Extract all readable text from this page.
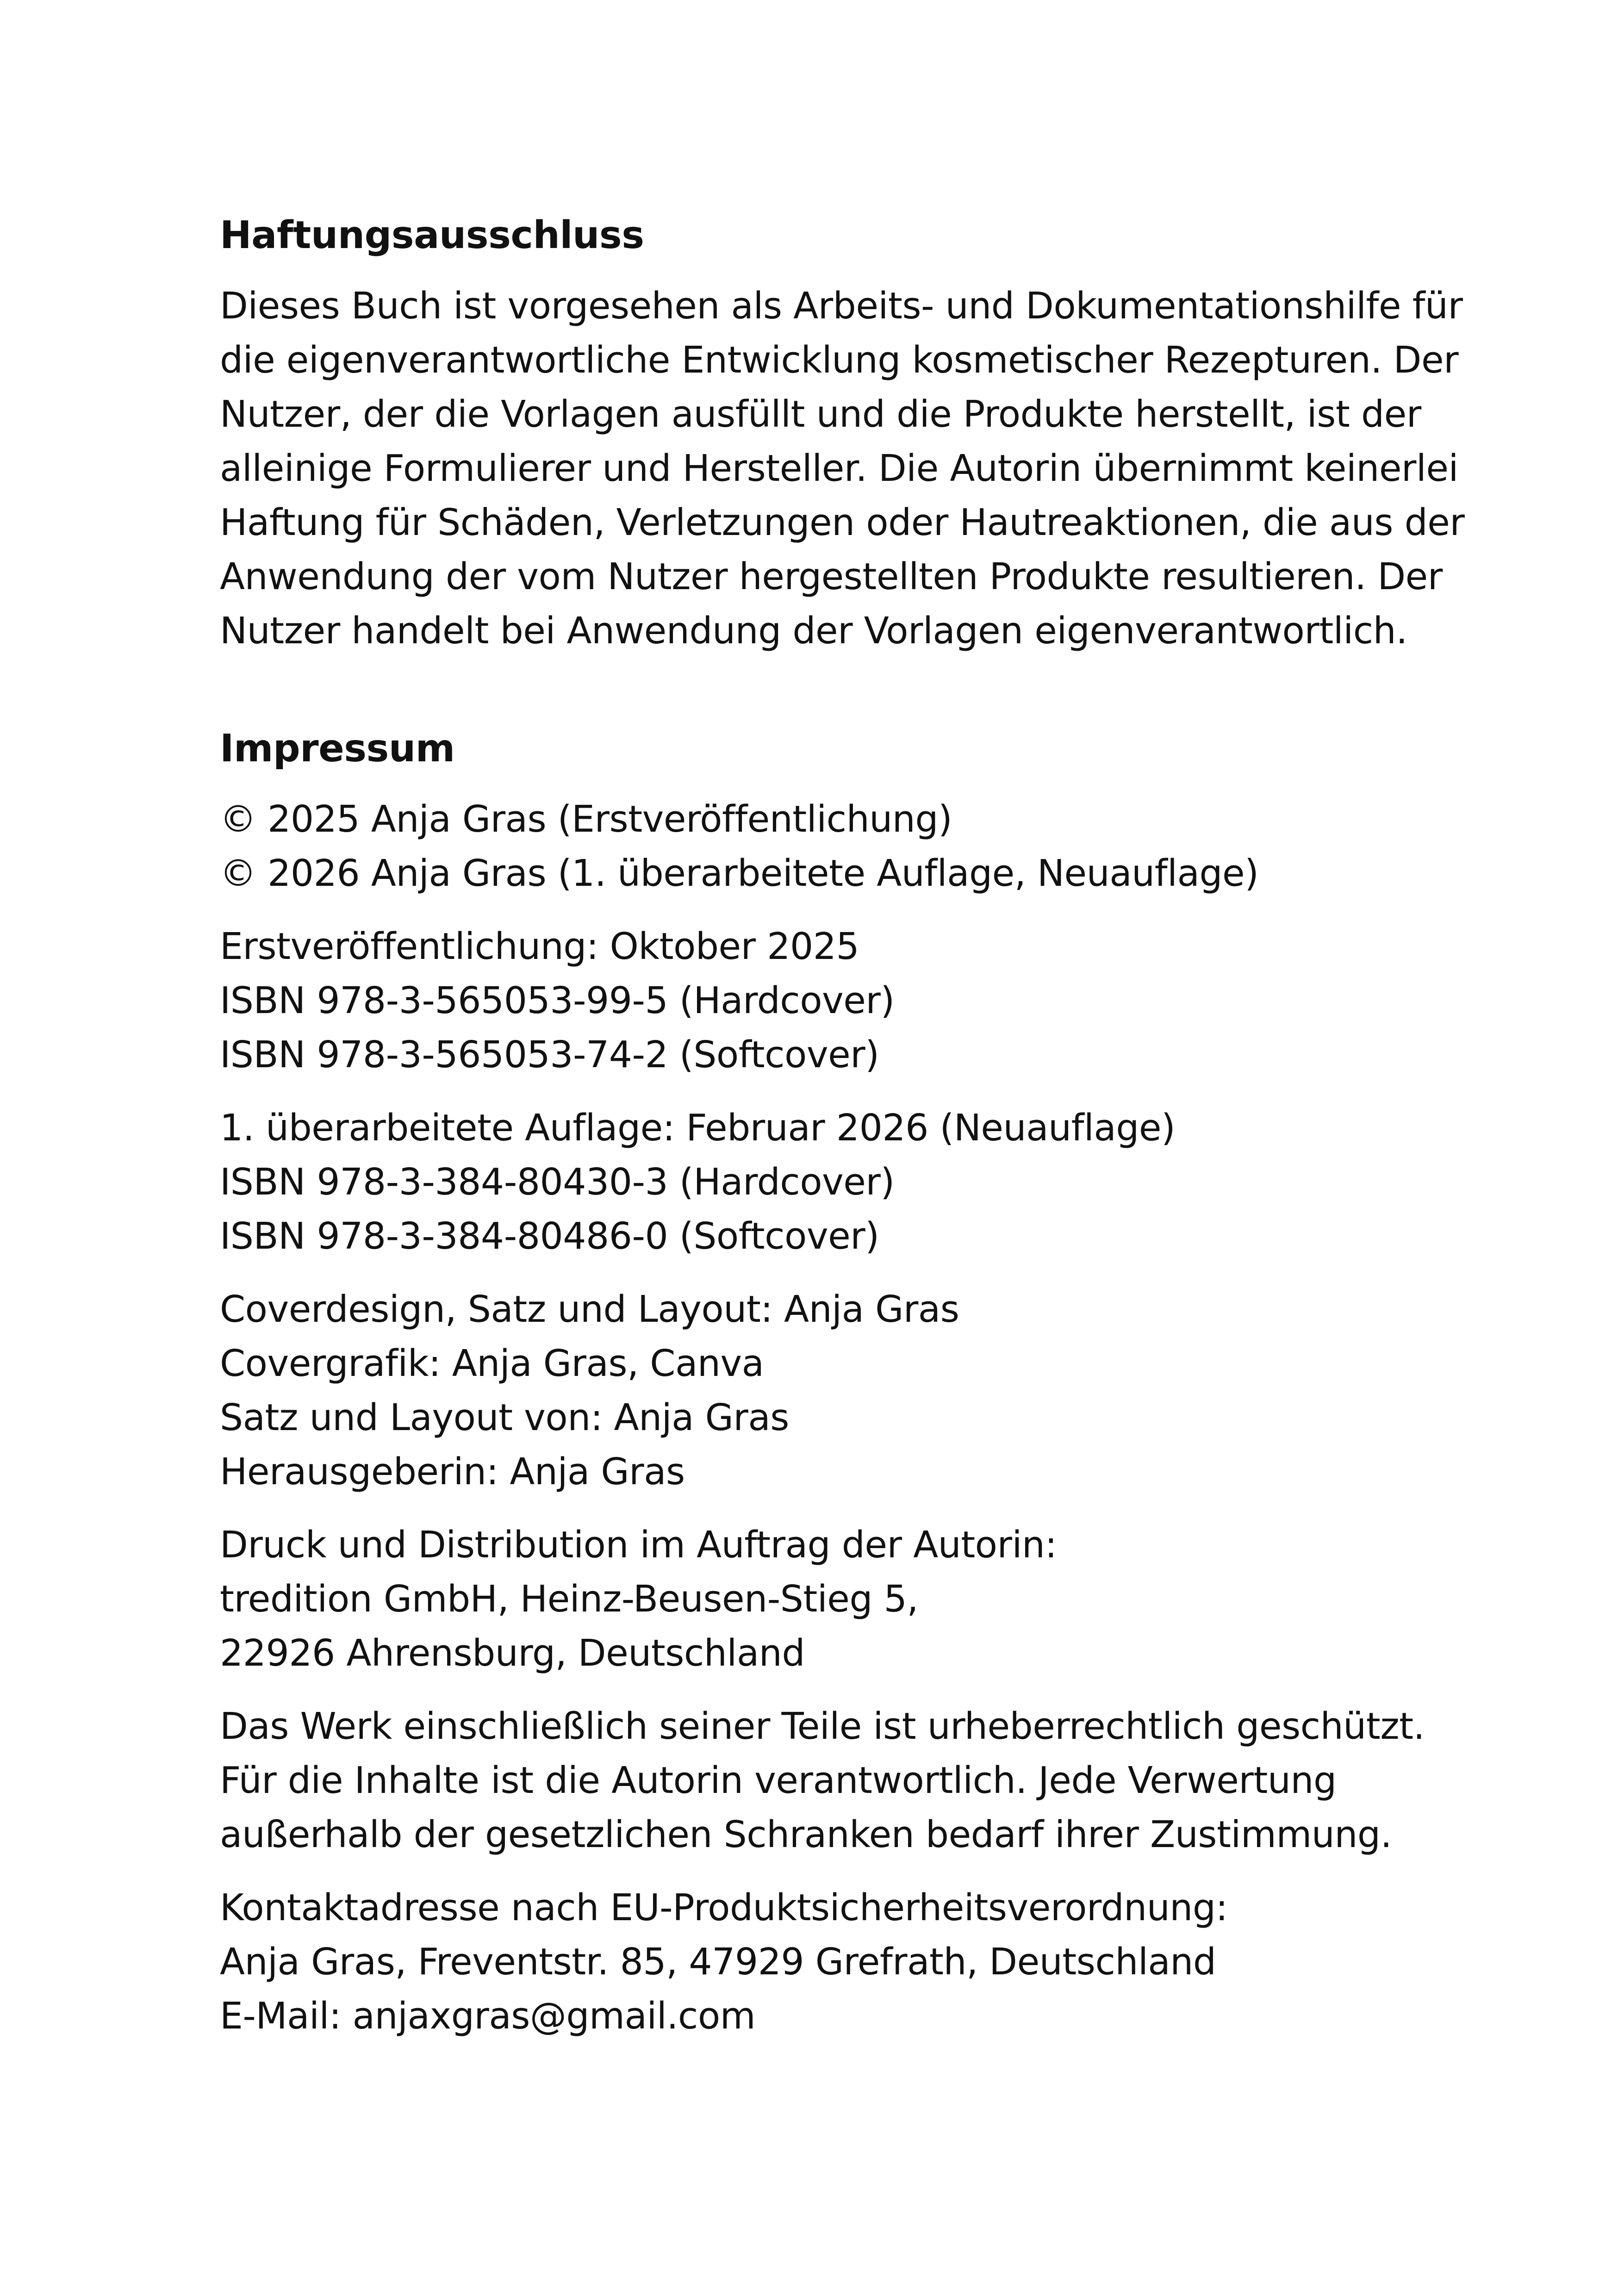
Haftungsausschluss

Dieses Buch ist vorgesehen als Arbeits- und Dokumentationshilfe für
die eigenverantwortliche Entwicklung kosmetischer Rezepturen. Der
Nutzer, der die Vorlagen ausfüllt und die Produkte herstellt, ist der
alleinige Formulierer und Hersteller. Die Autorin übernimmt keinerlei
Haftung für Schäden, Verletzungen oder Hautreaktionen, die aus der
Anwendung der vom Nutzer hergestellten Produkte resultieren. Der
Nutzer handelt bei Anwendung der Vorlagen eigenverantwortlich.

Impressum

© 2025 Anja Gras (Erstveröffentlichung)
© 2026 Anja Gras (1. überarbeitete Auflage, Neuauflage)

Erstveröffentlichung: Oktober 2025
ISBN 978-3-565053-99-5 (Hardcover)
ISBN 978-3-565053-74-2 (Softcover)

1. überarbeitete Auflage: Februar 2026 (Neuauflage)
ISBN 978-3-384-80430-3 (Hardcover)
ISBN 978-3-384-80486-0 (Softcover)

Coverdesign, Satz und Layout: Anja Gras
Covergrafik: Anja Gras, Canva
Satz und Layout von: Anja Gras
Herausgeberin: Anja Gras

Druck und Distribution im Auftrag der Autorin:
tredition GmbH, Heinz-Beusen-Stieg 5,
22926 Ahrensburg, Deutschland

Das Werk einschließlich seiner Teile ist urheberrechtlich geschützt.
Für die Inhalte ist die Autorin verantwortlich. Jede Verwertung
außerhalb der gesetzlichen Schranken bedarf ihrer Zustimmung.

Kontaktadresse nach EU-Produktsicherheitsverordnung:
Anja Gras, Freventstr. 85, 47929 Grefrath, Deutschland
E-Mail: anjaxgras@gmail.com
